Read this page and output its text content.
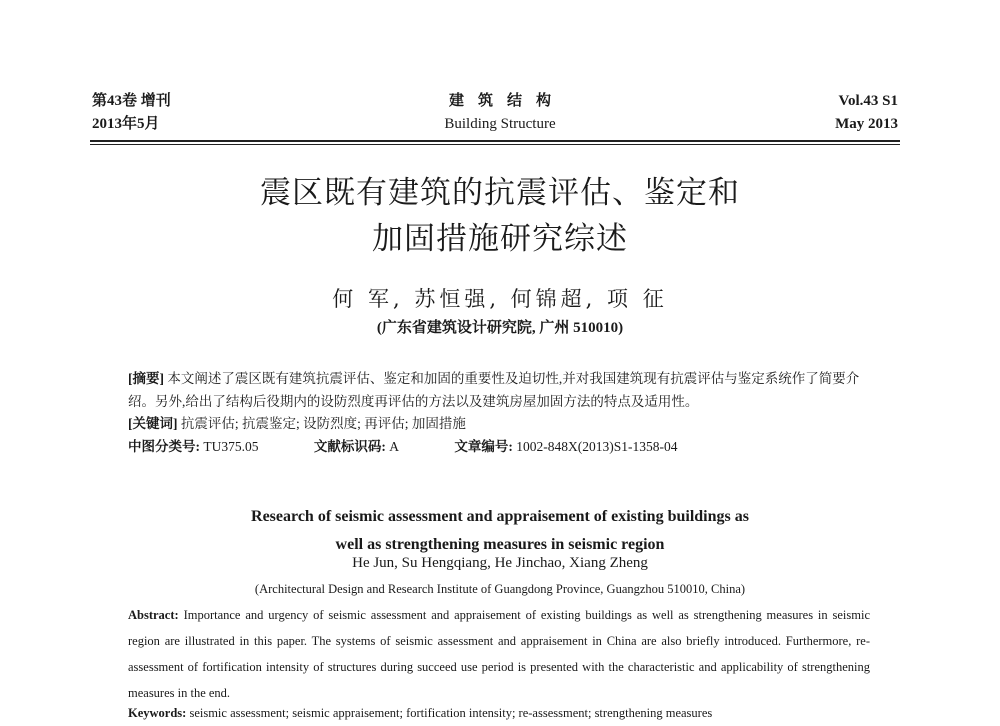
第43卷 增刊
2013年5月
建筑结构
Building Structure
Vol.43 S1
May 2013
震区既有建筑的抗震评估、鉴定和
加固措施研究综述
何 军, 苏恒强, 何锦超, 项 征
(广东省建筑设计研究院, 广州 510010)
[摘要] 本文阐述了震区既有建筑抗震评估、鉴定和加固的重要性及迫切性,并对我国建筑现有抗震评估与鉴定系统作了简要介绍。另外,给出了结构后役期内的设防烈度再评估的方法以及建筑房屋加固方法的特点及适用性。
[关键词] 抗震评估; 抗震鉴定; 设防烈度; 再评估; 加固措施
中图分类号: TU375.05	文献标识码: A	文章编号: 1002-848X(2013)S1-1358-04
Research of seismic assessment and appraisement of existing buildings as
well as strengthening measures in seismic region
He Jun, Su Hengqiang, He Jinchao, Xiang Zheng
(Architectural Design and Research Institute of Guangdong Province, Guangzhou 510010, China)
Abstract: Importance and urgency of seismic assessment and appraisement of existing buildings as well as strengthening measures in seismic region are illustrated in this paper. The systems of seismic assessment and appraisement in China are also briefly introduced. Furthermore, re-assessment of fortification intensity of structures during succeed use period is presented with the characteristic and applicability of strengthening measures in the end.
Keywords: seismic assessment; seismic appraisement; fortification intensity; re-assessment; strengthening measures
